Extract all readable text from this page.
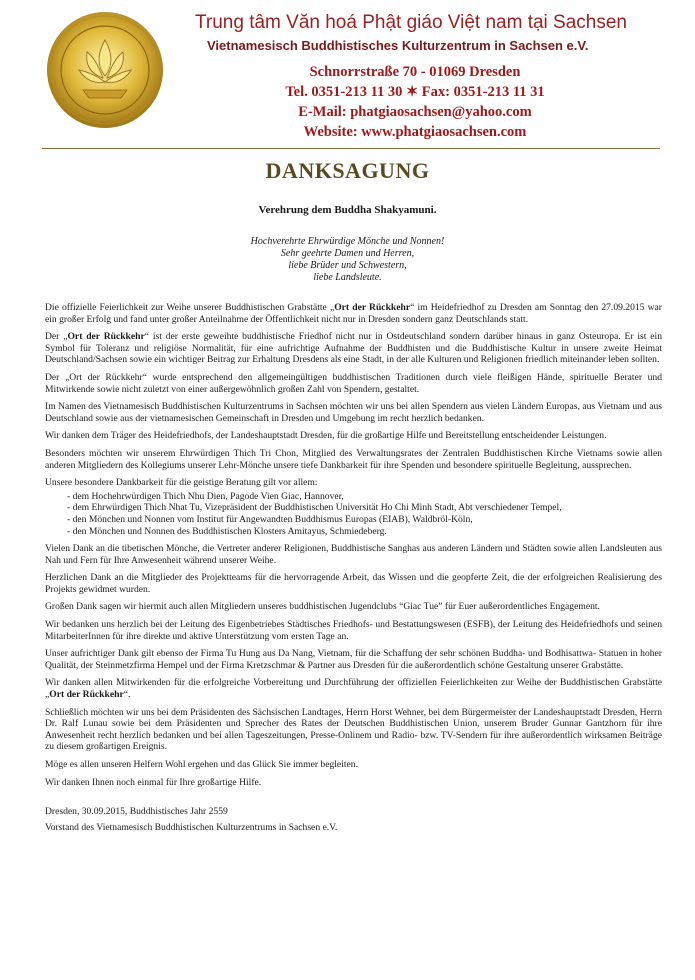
Trung tâm Văn hoá Phật giáo Việt nam tại Sachsen
Vietnamesisch Buddhistisches Kulturzentrum in Sachsen e.V.
Schnorrstraße 70 - 01069 Dresden
Tel. 0351-213 11 30 ✶ Fax: 0351-213 11 31
E-Mail: phatgiaosachsen@yahoo.com
Website: www.phatgiaosachsen.com
DANKSAGUNG
Verehrung dem Buddha Shakyamuni.
Hochverehrte Ehrwürdige Mönche und Nonnen!
Sehr geehrte Damen und Herren,
liebe Brüder und Schwestern,
liebe Landsleute.

Die offizielle Feierlichkeit zur Weihe unserer Buddhistischen Grabstätte „Ort der Rückkehr“ im Heidefriedhof zu Dresden am Sonntag den 27.09.2015 war ein großer Erfolg und fand unter großer Anteilnahme der Öffentlichkeit nicht nur in Dresden sondern ganz Deutschlands statt.

Der „Ort der Rückkehr“ ist der erste geweihte buddhistische Friedhof nicht nur in Ostdeutschland sondern darüber hinaus in ganz Osteuropa. Er ist ein Symbol für Toleranz und religiöse Normalität, für eine aufrichtige Aufnahme der Buddhisten und die Buddhistische Kultur in unsere zweite Heimat Deutschland/Sachsen sowie ein wichtiger Beitrag zur Erhaltung Dresdens als eine Stadt, in der alle Kulturen und Religionen friedlich miteinander leben sollten.

Der „Ort der Rückkehr“ wurde entsprechend den allgemeingültigen buddhistischen Traditionen durch viele fleißigen Hände, spirituelle Berater und Mitwirkende sowie nicht zuletzt von einer außergewöhnlich großen Zahl von Spendern, gestaltet.

Im Namen des Vietnamesisch Buddhistischen Kulturzentrums in Sachsen möchten wir uns bei allen Spendern aus vielen Ländern Europas, aus Vietnam und aus Deutschland sowie aus der vietnamesischen Gemeinschaft in Dresden und Umgebung im recht herzlich bedanken.

Wir danken dem Träger des Heidefriedhofs, der Landeshauptstadt Dresden, für die großartige Hilfe und Bereitstellung entscheidender Leistungen.

Besonders möchten wir unserem Ehrwürdigen Thich Tri Chon, Mitglied des Verwaltungsrates der Zentralen Buddhistischen Kirche Vietnams sowie allen anderen Mitgliedern des Kollegiums unserer Lehr-Mönche unsere tiefe Dankbarkeit für ihre Spenden und besondere spirituelle Begleitung, aussprechen.

Unsere besondere Dankbarkeit für die geistige Beratung gilt vor allem:

- dem Hochehrwürdigen Thich Nhu Dien, Pagode Vien Giac, Hannover,
- dem Ehrwürdigen Thich Nhat Tu, Vizepräsident der Buddhistischen Universität Ho Chi Minh Stadt, Abt verschiedener Tempel,
- den Mönchen und Nonnen vom Institut für Angewandten Buddhismus Europas (EIAB), Waldbröl-Köln,
- den Mönchen und Nonnen des Buddhistischen Klosters Amitayus, Schmiedeberg.

Vielen Dank an die tibetischen Mönche, die Vertreter anderer Religionen, Buddhistische Sanghas aus anderen Ländern und Städten sowie allen Landsleuten aus Nah und Fern für Ihre Anwesenheit während unserer Weihe.

Herzlichen Dank an die Mitglieder des Projektteams für die hervorragende Arbeit, das Wissen und die geopferte Zeit, die der erfolgreichen Realisierung des Projekts gewidmet wurden.

Großen Dank sagen wir hiermit auch allen Mitgliedern unseres buddhistischen Jugendclubs “Giac Tue” für Euer außerordentliches Engagement.

Wir bedanken uns herzlich bei der Leitung des Eigenbetriebes Städtisches Friedhofs- und Bestattungswesen (ESFB), der Leitung des Heidefriedhofs und seinen MitarbeiterInnen für ihre direkte und aktive Unterstützung vom ersten Tage an.

Unser aufrichtiger Dank gilt ebenso der Firma Tu Hung aus Da Nang, Vietnam, für die Schaffung der sehr schönen Buddha- und Bodhisattwa- Statuen in hoher Qualität, der Steinmetzfirma Hempel und der Firma Kretzschmar & Partner aus Dresden für die außerordentlich schöne Gestaltung unserer Grabstätte.

Wir danken allen Mitwirkenden für die erfolgreiche Vorbereitung und Durchführung der offiziellen Feierlichkeiten zur Weihe der Buddhistischen Grabstätte „Ort der Rückkehr“.

Schließlich möchten wir uns bei dem Präsidenten des Sächsischen Landtages, Herrn Horst Wehner, bei dem Bürgermeister der Landeshauptstadt Dresden, Herrn Dr. Ralf Lunau sowie bei dem Präsidenten und Sprecher des Rates der Deutschen Buddhistischen Union, unserem Bruder Gunnar Gantzhorn für ihre Anwesenheit recht herzlich bedanken und bei allen Tageszeitungen, Presse-Onlinem und Radio- bzw. TV-Sendern für ihre außerordentlich wirksamen Beiträge zu diesem großartigen Ereignis.

Möge es allen unseren Helfern Wohl ergehen und das Glück Sie immer begleiten.

Wir danken Ihnen noch einmal für Ihre großartige Hilfe.

Dresden, 30.09.2015, Buddhistisches Jahr 2559

Vorstand des Vietnamesisch Buddhistischen Kulturzentrums in Sachsen e.V.
